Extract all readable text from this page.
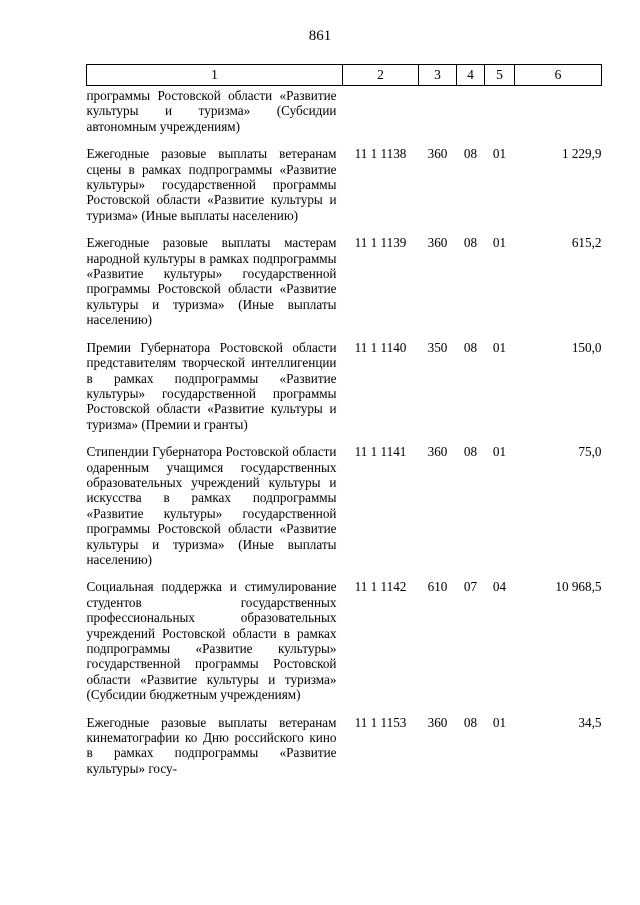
861
1	2	3	4	5	6
программы Ростовской области «Развитие культуры и туризма» (Субсидии автономным учреждениям)					
Ежегодные разовые выплаты ветеранам сцены в рамках подпрограммы «Развитие культуры» государственной программы Ростовской области «Развитие культуры и туризма» (Иные выплаты населению)	11 1 1138	360	08	01	1 229,9
Ежегодные разовые выплаты мастерам народной культуры в рамках подпрограммы «Развитие культуры» государственной программы Ростовской области «Развитие культуры и туризма» (Иные выплаты населению)	11 1 1139	360	08	01	615,2
Премии Губернатора Ростовской области представителям творческой интеллигенции в рамках подпрограммы «Развитие культуры» государственной программы Ростовской области «Развитие культуры и туризма» (Премии и гранты)	11 1 1140	350	08	01	150,0
Стипендии Губернатора Ростовской области одаренным учащимся государственных образовательных учреждений культуры и искусства в рамках подпрограммы «Развитие культуры» государственной программы Ростовской области «Развитие культуры и туризма» (Иные выплаты населению)	11 1 1141	360	08	01	75,0
Социальная поддержка и стимулирование студентов государственных профессиональных образовательных учреждений Ростовской области в рамках подпрограммы «Развитие культуры» государственной программы Ростовской области «Развитие культуры и туризма» (Субсидии бюджетным учреждениям)	11 1 1142	610	07	04	10 968,5
Ежегодные разовые выплаты ветеранам кинематографии ко Дню российского кино в рамках подпрограммы «Развитие культуры» госу-	11 1 1153	360	08	01	34,5
